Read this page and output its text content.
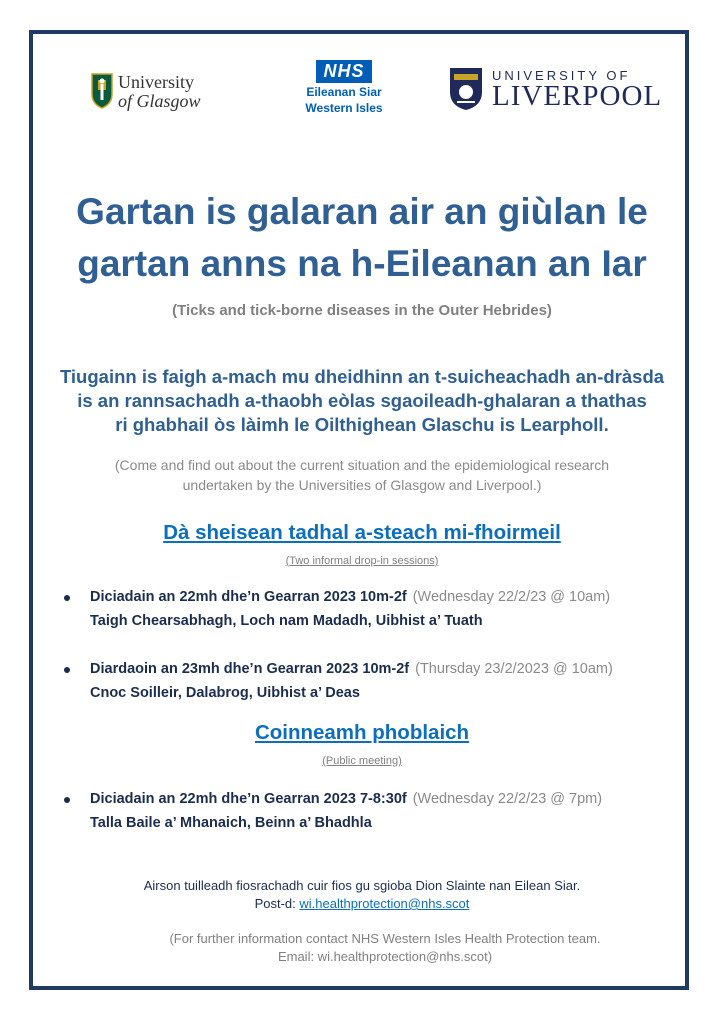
University
of Glasgow
NHS
Eileanan Siar
Western Isles
UNIVERSITY OF
LIVERPOOL
Gartan is galaran air an giùlan le
gartan anns na h-Eileanan an Iar
(Ticks and tick-borne diseases in the Outer Hebrides)
Tiugainn is faigh a-mach mu dheidhinn an t-suicheachadh an-dràsda
is an rannsachadh a-thaobh eòlas sgaoileadh-ghalaran a thathas
ri ghabhail òs làimh le Oilthighean Glaschu is Learpholl.
(Come and find out about the current situation and the epidemiological research
undertaken by the Universities of Glasgow and Liverpool.)
Dà sheisean tadhal a-steach mi-fhoirmeil
(Two informal drop-in sessions)
Diciadain an 22mh dhe’n Gearran 2023 10m-2f (Wednesday 22/2/23 @ 10am)
Taigh Chearsabhagh, Loch nam Madadh, Uibhist a’ Tuath
Diardaoin an 23mh dhe’n Gearran 2023 10m-2f (Thursday 23/2/2023 @ 10am)
Cnoc Soilleir, Dalabrog, Uibhist a’ Deas
Coinneamh phoblaich
(Public meeting)
Diciadain an 22mh dhe’n Gearran 2023 7-8:30f (Wednesday 22/2/23 @ 7pm)
Talla Baile a’ Mhanaich, Beinn a’ Bhadhla
Airson tuilleadh fiosrachadh cuir fios gu sgioba Dion Slainte nan Eilean Siar.
Post-d: wi.healthprotection@nhs.scot
(For further information contact NHS Western Isles Health Protection team.
Email: wi.healthprotection@nhs.scot)
